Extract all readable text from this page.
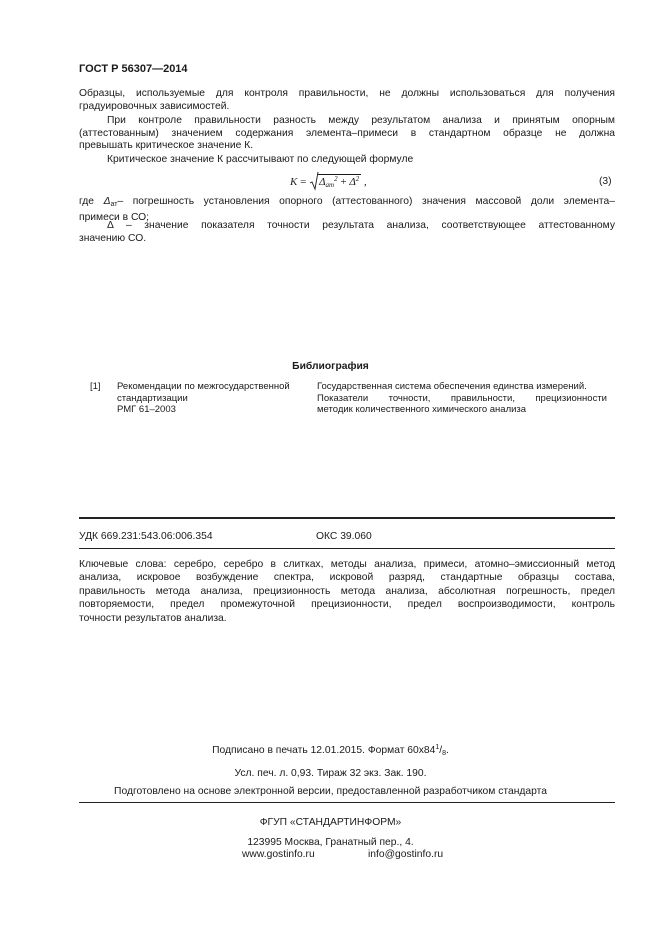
ГОСТ Р 56307—2014
Образцы, используемые для контроля правильности, не должны использоваться для получения
градуировочных зависимостей.
При контроле правильности разность между результатом анализа и принятым опорным
(аттестованным) значением содержания элемента–примеси в стандартном образце не должна
превышать критическое значение К.
Критическое значение К рассчитывают по следующей формуле
$K = \Delta_{ат}^2 + \Delta^2$ ,	(3)
где $\Delta_{ат}-$ погрешность установления опорного (аттестованного) значения массовой доли элемента–
примеси в СО;
Δ – значение показателя точности результата анализа, соответствующее аттестованному
значению СО.
Библиография
[1] Рекомендации по межгосударственной
стандартизации
РМГ 61–2003
Государственная система обеспечения единства измерений.
Показатели точности, правильности, прецизионности
методик количественного химического анализа
УДК 669.231:543.06:006.354	ОКС 39.060
Ключевые слова: серебро, серебро в слитках, методы анализа, примеси, атомно–эмиссионный метод
анализа, искровое возбуждение спектра, искровой разряд, стандартные образцы состава,
правильность метода анализа, прецизионность метода анализа, абсолютная погрешность, предел
повторяемости, предел промежуточной прецизионности, предел воспроизводимости, контроль
точности результатов анализа.
Подписано в печать 12.01.2015. Формат $60x84^1/_8$.
Усл. печ. л. 0,93. Тираж 32 экз. Зак. 190.
Подготовлено на основе электронной версии, предоставленной разработчиком стандарта
ФГУП «СТАНДАРТИНФОРМ»
123995 Москва, Гранатный пер., 4.
www.gostinfo.ru	info@gostinfo.ru
